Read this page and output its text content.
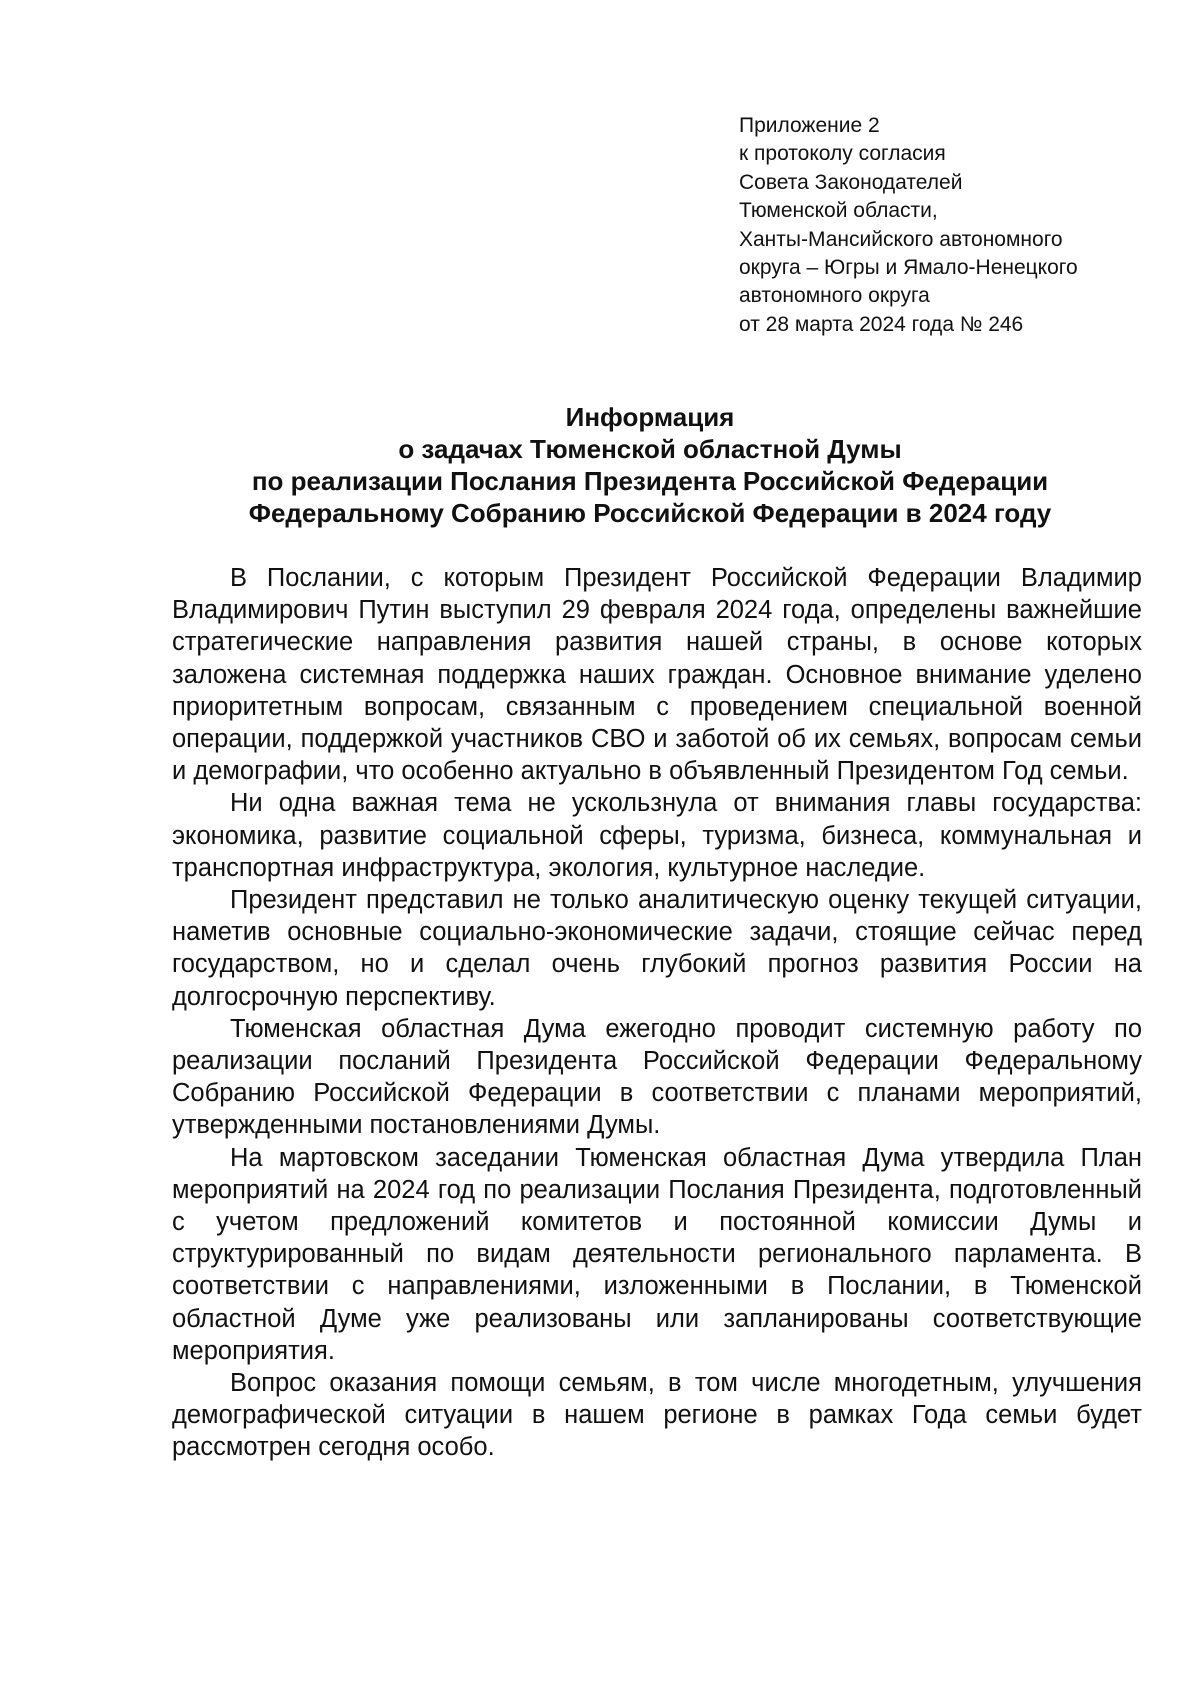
Приложение 2
к протоколу согласия
Совета Законодателей
Тюменской области,
Ханты-Мансийского автономного
округа – Югры и Ямало-Ненецкого
автономного округа
от 28 марта 2024 года № 246
Информация
о задачах Тюменской областной Думы
по реализации Послания Президента Российской Федерации
Федеральному Собранию Российской Федерации в 2024 году

В Послании, с которым Президент Российской Федерации Владимир Владимирович Путин выступил 29 февраля 2024 года, определены важнейшие стратегические направления развития нашей страны, в основе которых заложена системная поддержка наших граждан. Основное внимание уделено приоритетным вопросам, связанным с проведением специальной военной операции, поддержкой участников СВО и заботой об их семьях, вопросам семьи и демографии, что особенно актуально в объявленный Президентом Год семьи.

Ни одна важная тема не ускользнула от внимания главы государства: экономика, развитие социальной сферы, туризма, бизнеса, коммунальная и транспортная инфраструктура, экология, культурное наследие.

Президент представил не только аналитическую оценку текущей ситуации, наметив основные социально-экономические задачи, стоящие сейчас перед государством, но и сделал очень глубокий прогноз развития России на долгосрочную перспективу.

Тюменская областная Дума ежегодно проводит системную работу по реализации посланий Президента Российской Федерации Федеральному Собранию Российской Федерации в соответствии с планами мероприятий, утвержденными постановлениями Думы.

На мартовском заседании Тюменская областная Дума утвердила План мероприятий на 2024 год по реализации Послания Президента, подготовленный с учетом предложений комитетов и постоянной комиссии Думы и структурированный по видам деятельности регионального парламента. В соответствии с направлениями, изложенными в Послании, в Тюменской областной Думе уже реализованы или запланированы соответствующие мероприятия.

Вопрос оказания помощи семьям, в том числе многодетным, улучшения демографической ситуации в нашем регионе в рамках Года семьи будет рассмотрен сегодня особо.
